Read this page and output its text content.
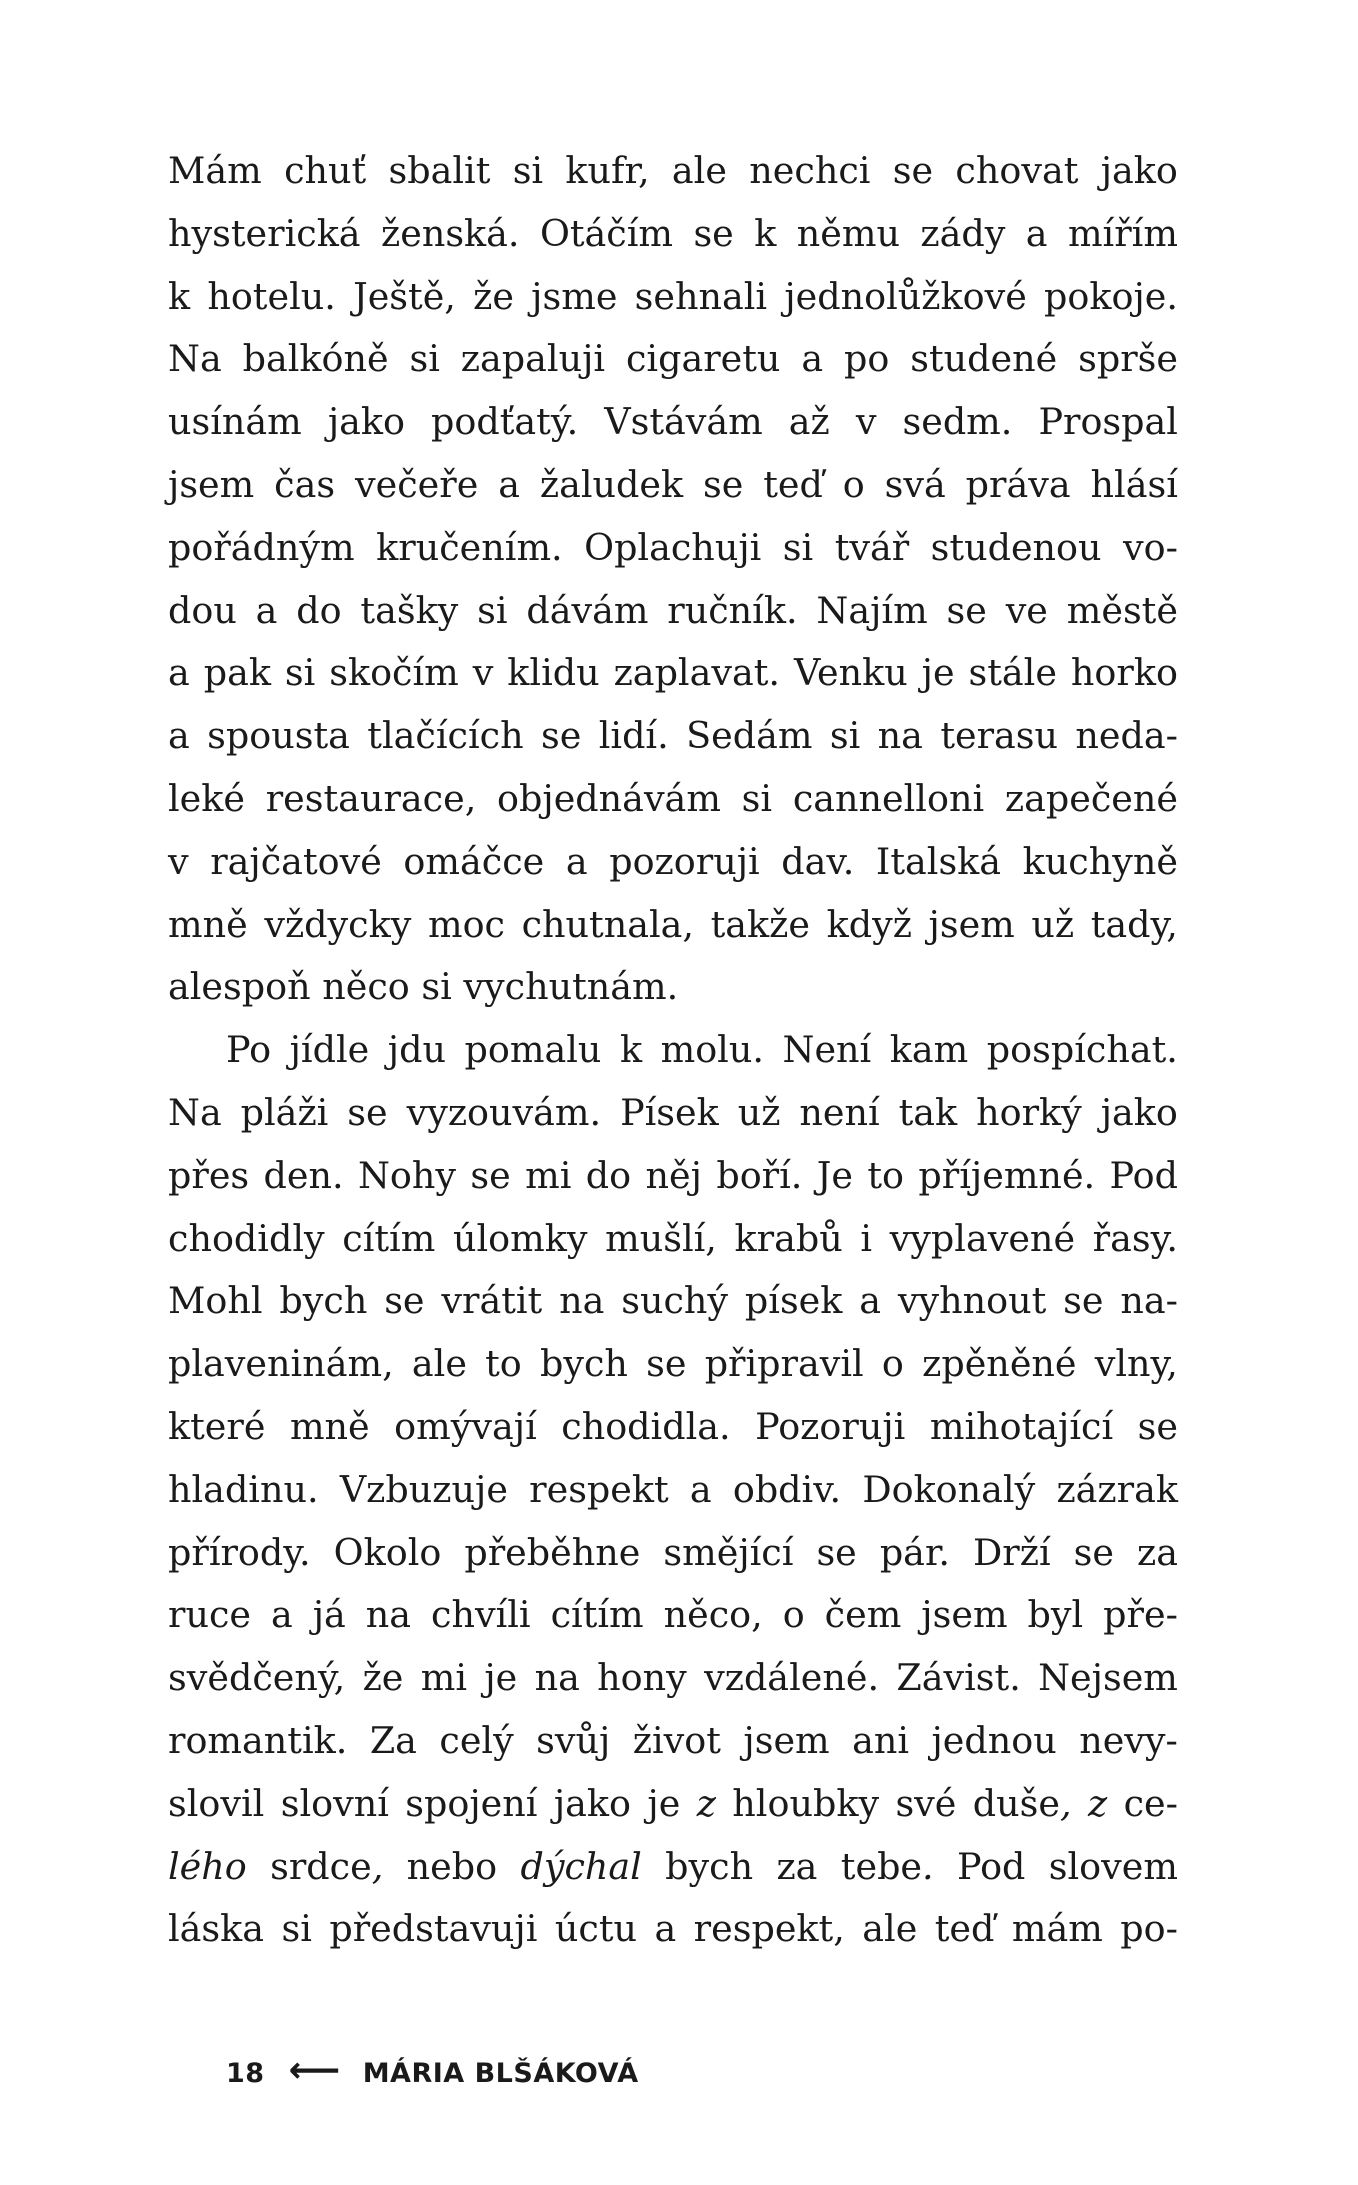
Mám chuť sbalit si kufr, ale nechci se chovat jako
hysterická ženská. Otáčím se k němu zády a mířím
k hotelu. Ještě, že jsme sehnali jednolůžkové pokoje.
Na balkóně si zapaluji cigaretu a po studené sprše
usínám jako podťatý. Vstávám až v sedm. Prospal
jsem čas večeře a žaludek se teď o svá práva hlásí
pořádným kručením. Oplachuji si tvář studenou vo-
dou a do tašky si dávám ručník. Najím se ve městě
a pak si skočím v klidu zaplavat. Venku je stále horko
a spousta tlačících se lidí. Sedám si na terasu neda-
leké restaurace, objednávám si cannelloni zapečené
v rajčatové omáčce a pozoruji dav. Italská kuchyně
mně vždycky moc chutnala, takže když jsem už tady,
alespoň něco si vychutnám.
Po jídle jdu pomalu k molu. Není kam pospíchat.
Na pláži se vyzouvám. Písek už není tak horký jako
přes den. Nohy se mi do něj boří. Je to příjemné. Pod
chodidly cítím úlomky mušlí, krabů i vyplavené řasy.
Mohl bych se vrátit na suchý písek a vyhnout se na-
plaveninám, ale to bych se připravil o zpěněné vlny,
které mně omývají chodidla. Pozoruji mihotající se
hladinu. Vzbuzuje respekt a obdiv. Dokonalý zázrak
přírody. Okolo přeběhne smějící se pár. Drží se za
ruce a já na chvíli cítím něco, o čem jsem byl pře-
svědčený, že mi je na hony vzdálené. Závist. Nejsem
romantik. Za celý svůj život jsem ani jednou nevy-
slovil slovní spojení jako je z hloubky své duše, z ce-
lého srdce, nebo dýchal bych za tebe. Pod slovem
láska si představuji úctu a respekt, ale teď mám po-
18 ⟵ MÁRIA BLŠÁKOVÁ
